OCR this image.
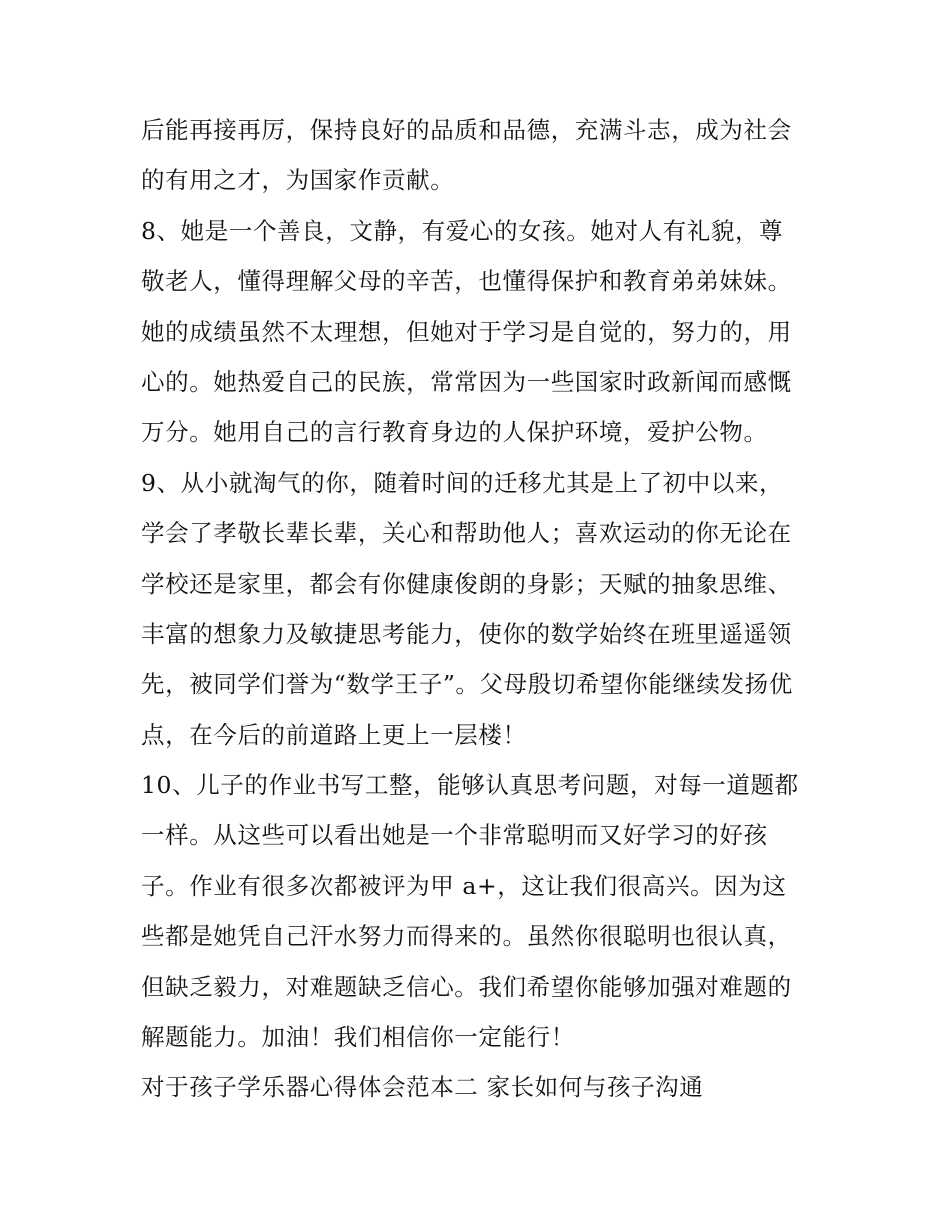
后能再接再厉，保持良好的品质和品德，充满斗志，成为社会
的有用之才，为国家作贡献。
8、她是一个善良，文静，有爱心的女孩。她对人有礼貌，尊
敬老人，懂得理解父母的辛苦，也懂得保护和教育弟弟妹妹。
她的成绩虽然不太理想，但她对于学习是自觉的，努力的，用
心的。她热爱自己的民族，常常因为一些国家时政新闻而感慨
万分。她用自己的言行教育身边的人保护环境，爱护公物。
9、从小就淘气的你，随着时间的迁移尤其是上了初中以来，
学会了孝敬长辈长辈，关心和帮助他人；喜欢运动的你无论在
学校还是家里，都会有你健康俊朗的身影；天赋的抽象思维、
丰富的想象力及敏捷思考能力，使你的数学始终在班里遥遥领
先，被同学们誉为“数学王子”。父母殷切希望你能继续发扬优
点，在今后的前道路上更上一层楼！
10、儿子的作业书写工整，能够认真思考问题，对每一道题都
一样。从这些可以看出她是一个非常聪明而又好学习的好孩
子。作业有很多次都被评为甲 a+，这让我们很高兴。因为这
些都是她凭自己汗水努力而得来的。虽然你很聪明也很认真，
但缺乏毅力，对难题缺乏信心。我们希望你能够加强对难题的
解题能力。加油！我们相信你一定能行！
对于孩子学乐器心得体会范本二 家长如何与孩子沟通
